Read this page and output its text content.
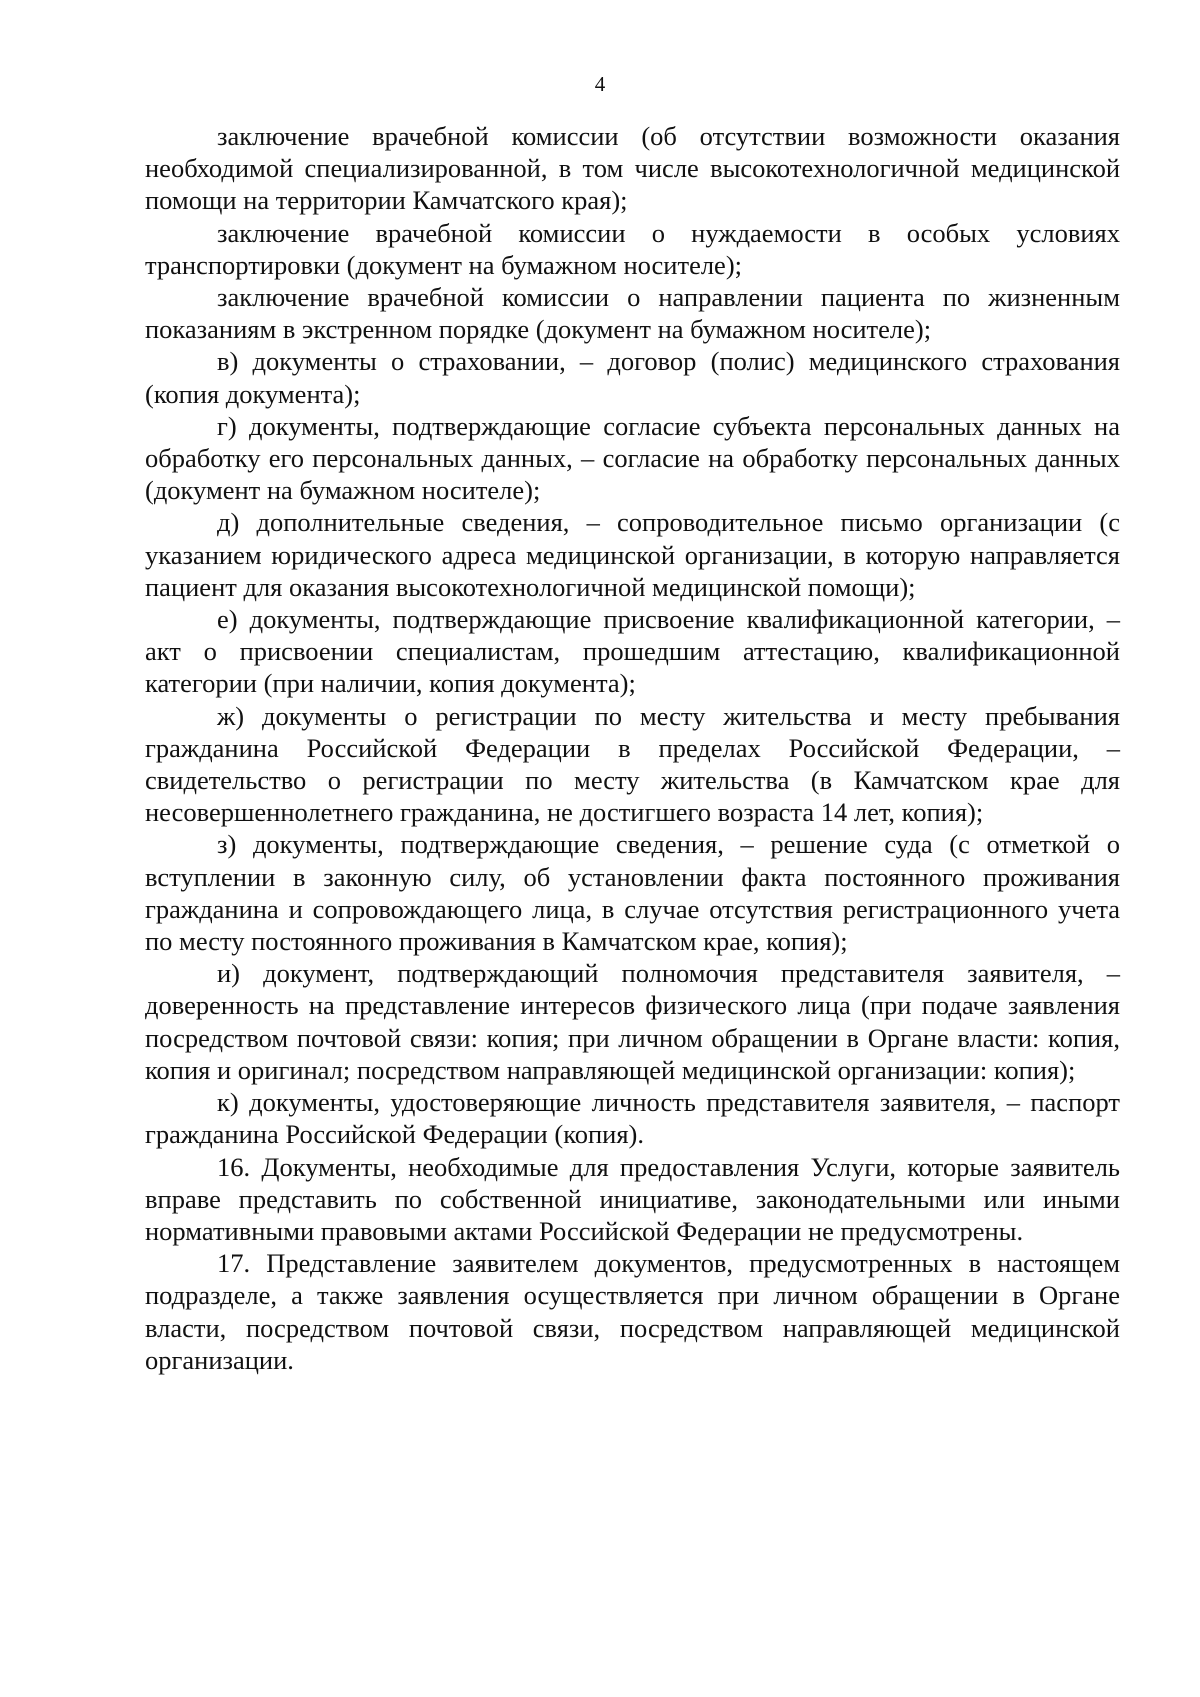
4

заключение врачебной комиссии (об отсутствии возможности оказания необходимой специализированной, в том числе высокотехнологичной медицинской помощи на территории Камчатского края);

заключение врачебной комиссии о нуждаемости в особых условиях транспортировки (документ на бумажном носителе);

заключение врачебной комиссии о направлении пациента по жизненным показаниям в экстренном порядке (документ на бумажном носителе);

в) документы о страховании, – договор (полис) медицинского страхования (копия документа);

г) документы, подтверждающие согласие субъекта персональных данных на обработку его персональных данных, – согласие на обработку персональных данных (документ на бумажном носителе);

д) дополнительные сведения, – сопроводительное письмо организации (с указанием юридического адреса медицинской организации, в которую направляется пациент для оказания высокотехнологичной медицинской помощи);

е) документы, подтверждающие присвоение квалификационной категории, – акт о присвоении специалистам, прошедшим аттестацию, квалификационной категории (при наличии, копия документа);

ж) документы о регистрации по месту жительства и месту пребывания гражданина Российской Федерации в пределах Российской Федерации, – свидетельство о регистрации по месту жительства (в Камчатском крае для несовершеннолетнего гражданина, не достигшего возраста 14 лет, копия);

з) документы, подтверждающие сведения, – решение суда (с отметкой о вступлении в законную силу, об установлении факта постоянного проживания гражданина и сопровождающего лица, в случае отсутствия регистрационного учета по месту постоянного проживания в Камчатском крае, копия);

и) документ, подтверждающий полномочия представителя заявителя, – доверенность на представление интересов физического лица (при подаче заявления посредством почтовой связи: копия; при личном обращении в Органе власти: копия, копия и оригинал; посредством направляющей медицинской организации: копия);

к) документы, удостоверяющие личность представителя заявителя, – паспорт гражданина Российской Федерации (копия).

16. Документы, необходимые для предоставления Услуги, которые заявитель вправе представить по собственной инициативе, законодательными или иными нормативными правовыми актами Российской Федерации не предусмотрены.

17. Представление заявителем документов, предусмотренных в настоящем подразделе, а также заявления осуществляется при личном обращении в Органе власти, посредством почтовой связи, посредством направляющей медицинской организации.
